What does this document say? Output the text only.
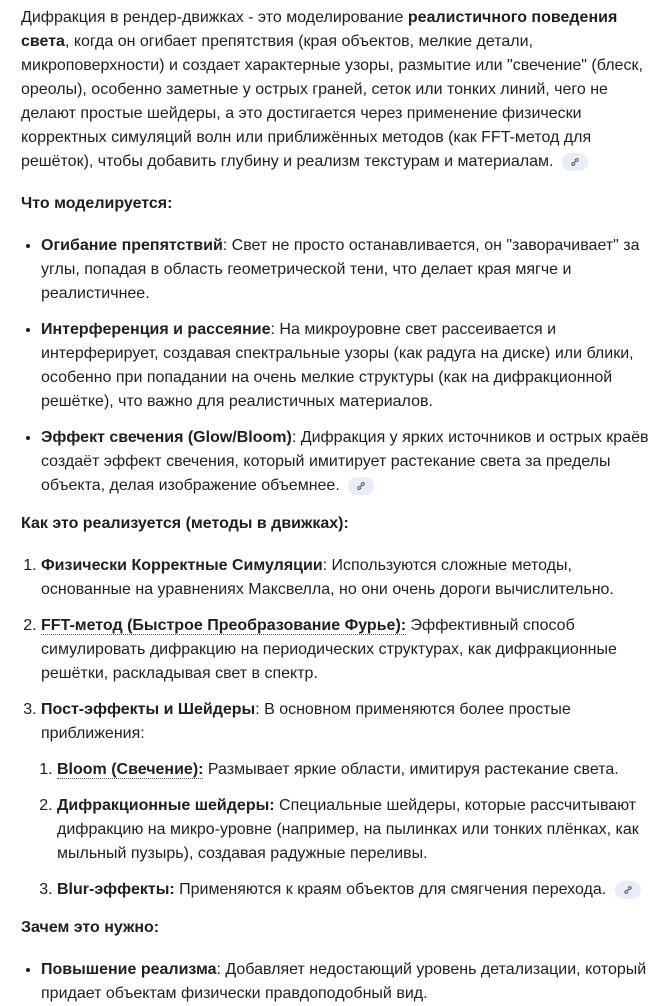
Дифракция в рендер-движках - это моделирование реалистичного поведения света, когда он огибает препятствия (края объектов, мелкие детали, микроповерхности) и создает характерные узоры, размытие или "свечение" (блеск, ореолы), особенно заметные у острых граней, сеток или тонких линий, чего не делают простые шейдеры, а это достигается через применение физически корректных симуляций волн или приближённых методов (как FFT-метод для решёток), чтобы добавить глубину и реализм текстурам и материалам.

Что моделируется:

• Огибание препятствий: Свет не просто останавливается, он "заворачивает" за углы, попадая в область геометрической тени, что делает края мягче и реалистичнее.
• Интерференция и рассеяние: На микроуровне свет рассеивается и интерферирует, создавая спектральные узоры (как радуга на диске) или блики, особенно при попадании на очень мелкие структуры (как на дифракционной решётке), что важно для реалистичных материалов.
• Эффект свечения (Glow/Bloom): Дифракция у ярких источников и острых краёв создаёт эффект свечения, который имитирует растекание света за пределы объекта, делая изображение объемнее.

Как это реализуется (методы в движках):

1. Физически Корректные Симуляции: Используются сложные методы, основанные на уравнениях Максвелла, но они очень дороги вычислительно.
2. FFT-метод (Быстрое Преобразование Фурье): Эффективный способ симулировать дифракцию на периодических структурах, как дифракционные решётки, раскладывая свет в спектр.
3. Пост-эффекты и Шейдеры: В основном применяются более простые приближения:
1. Bloom (Свечение): Размывает яркие области, имитируя растекание света.
2. Дифракционные шейдеры: Специальные шейдеры, которые рассчитывают дифракцию на микро-уровне (например, на пылинках или тонких плёнках, как мыльный пузырь), создавая радужные переливы.
3. Blur-эффекты: Применяются к краям объектов для смягчения перехода.

Зачем это нужно:

• Повышение реализма: Добавляет недостающий уровень детализации, который придает объектам физически правдоподобный вид.
